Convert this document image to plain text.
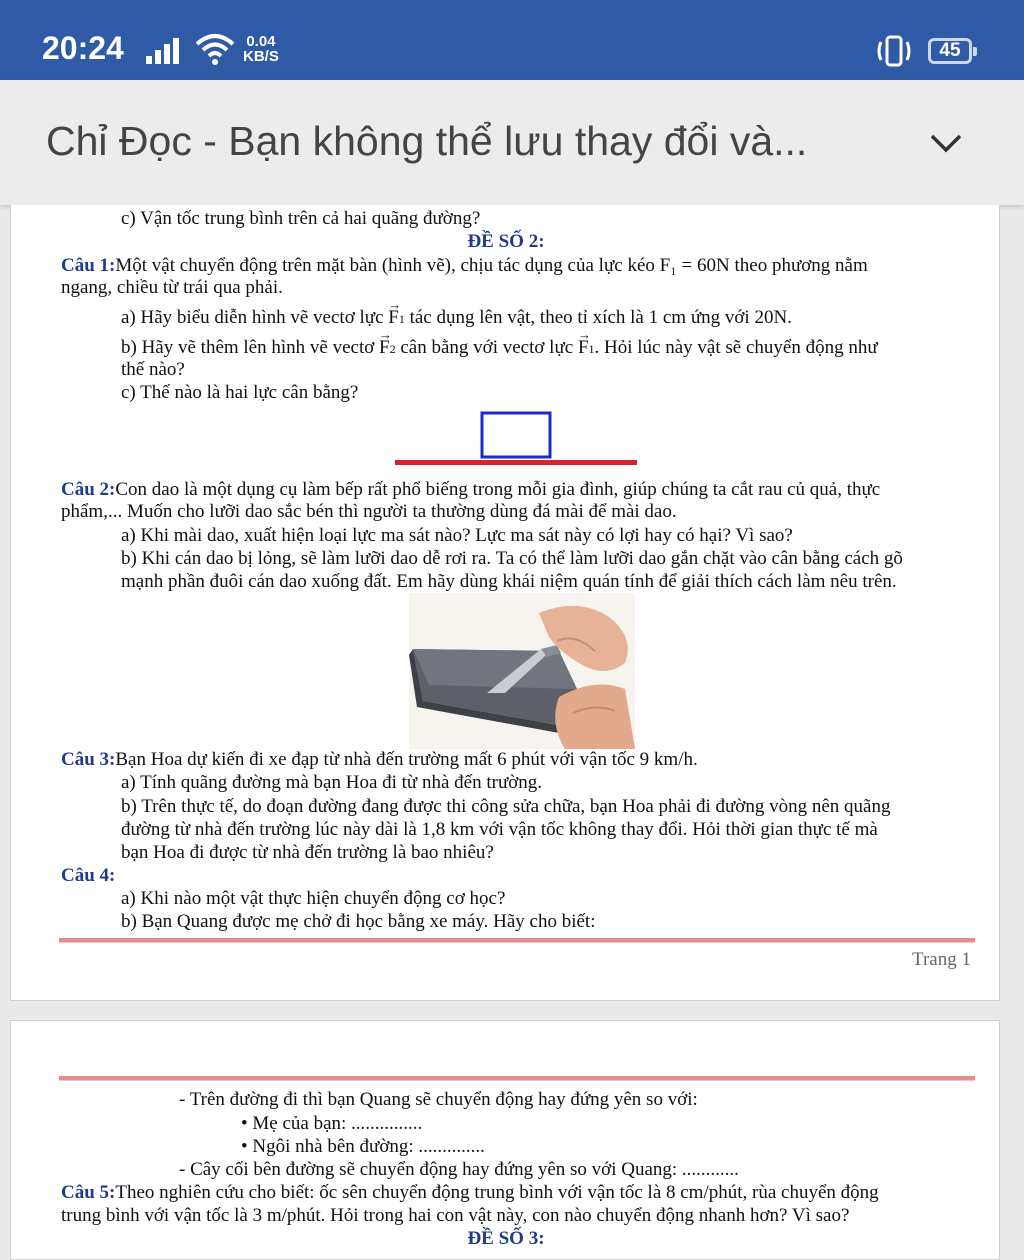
20:24	0.04
KB/S	45
Chỉ Đọc - Bạn không thể lưu thay đổi và...
c) Vận tốc trung bình trên cả hai quãng đường?
ĐỀ SỐ 2:
Câu 1:Một vật chuyển động trên mặt bàn (hình vẽ), chịu tác dụng của lực kéo F₁ = 60N theo phương nằm
ngang, chiều từ trái qua phải.
a) Hãy biểu diễn hình vẽ vectơ lực → F1 tác dụng lên vật, theo tỉ xích là 1 cm ứng với 20N.
b) Hãy vẽ thêm lên hình vẽ vectơ → F2 cân bằng với vectơ lực → F1. Hỏi lúc này vật sẽ chuyển động như
thế nào?
c) Thế nào là hai lực cân bằng?
Câu 2:Con dao là một dụng cụ làm bếp rất phổ biếng trong mỗi gia đình, giúp chúng ta cắt rau củ quả, thực
phẩm,... Muốn cho lưỡi dao sắc bén thì người ta thường dùng đá mài để mài dao.
a) Khi mài dao, xuất hiện loại lực ma sát nào? Lực ma sát này có lợi hay có hại? Vì sao?
b) Khi cán dao bị lỏng, sẽ làm lưỡi dao dễ rơi ra. Ta có thể làm lưỡi dao gắn chặt vào cân bằng cách gõ
mạnh phần đuôi cán dao xuống đất. Em hãy dùng khái niệm quán tính để giải thích cách làm nêu trên.
Câu 3:Bạn Hoa dự kiến đi xe đạp từ nhà đến trường mất 6 phút với vận tốc 9 km/h.
a) Tính quãng đường mà bạn Hoa đi từ nhà đến trường.
b) Trên thực tế, do đoạn đường đang được thi công sửa chữa, bạn Hoa phải đi đường vòng nên quãng
đường từ nhà đến trường lúc này dài là 1,8 km với vận tốc không thay đổi. Hỏi thời gian thực tế mà
bạn Hoa đi được từ nhà đến trường là bao nhiêu?
Câu 4:
a) Khi nào một vật thực hiện chuyển động cơ học?
b) Bạn Quang được mẹ chở đi học bằng xe máy. Hãy cho biết:
Trang 1
- Trên đường đi thì bạn Quang sẽ chuyển động hay đứng yên so với:
• Mẹ của bạn: ...............
• Ngôi nhà bên đường: ..............
- Cây cối bên đường sẽ chuyển động hay đứng yên so với Quang: ............
Câu 5:Theo nghiên cứu cho biết: ốc sên chuyển động trung bình với vận tốc là 8 cm/phút, rùa chuyển động
trung bình với vận tốc là 3 m/phút. Hỏi trong hai con vật này, con nào chuyển động nhanh hơn? Vì sao?
ĐỀ SỐ 3:
